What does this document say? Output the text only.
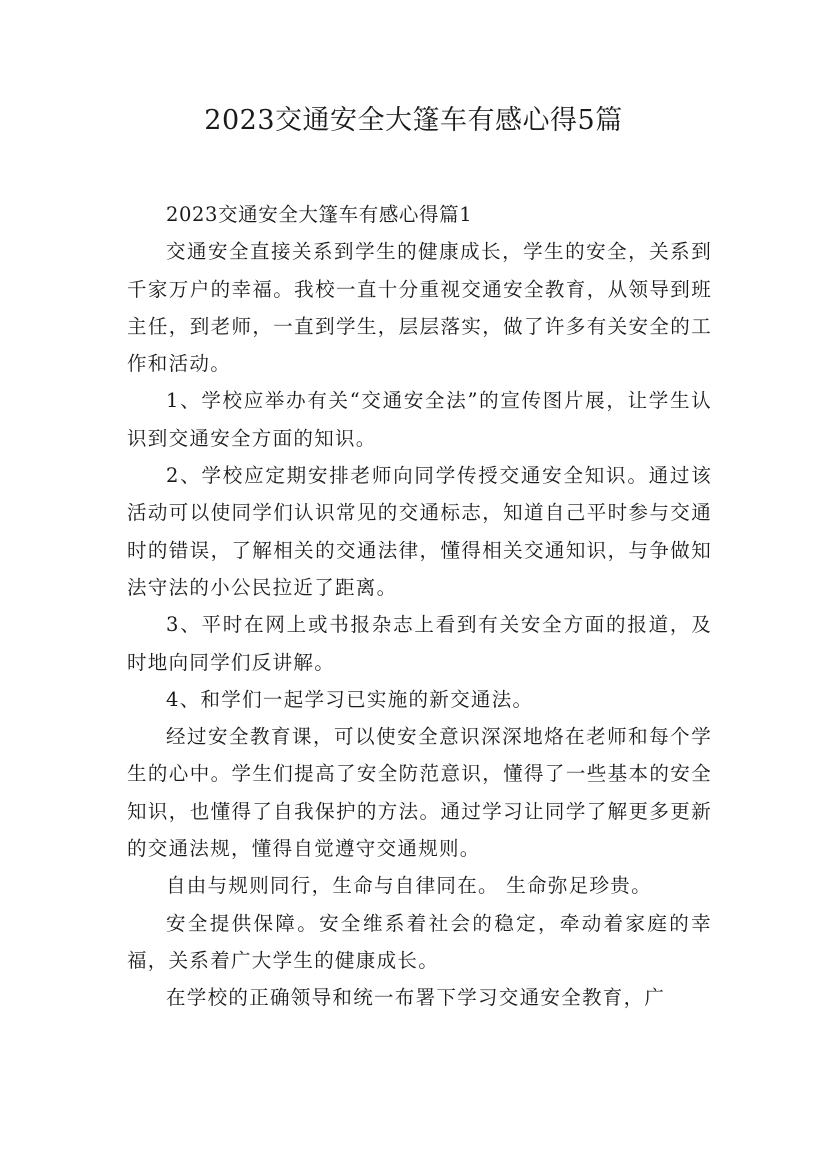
2023交通安全大篷车有感心得5篇

2023交通安全大篷车有感心得篇1

交通安全直接关系到学生的健康成长，学生的安全，关系到千家万户的幸福。我校一直十分重视交通安全教育，从领导到班主任，到老师，一直到学生，层层落实，做了许多有关安全的工作和活动。

1、学校应举办有关“交通安全法”的宣传图片展，让学生认识到交通安全方面的知识。

2、学校应定期安排老师向同学传授交通安全知识。通过该活动可以使同学们认识常见的交通标志，知道自己平时参与交通时的错误，了解相关的交通法律，懂得相关交通知识，与争做知法守法的小公民拉近了距离。

3、平时在网上或书报杂志上看到有关安全方面的报道，及时地向同学们反讲解。

4、和学们一起学习已实施的新交通法。

经过安全教育课，可以使安全意识深深地烙在老师和每个学生的心中。学生们提高了安全防范意识，懂得了一些基本的安全知识，也懂得了自我保护的方法。通过学习让同学了解更多更新的交通法规，懂得自觉遵守交通规则。

自由与规则同行，生命与自律同在。 生命弥足珍贵。

安全提供保障。安全维系着社会的稳定，牵动着家庭的幸福，关系着广大学生的健康成长。

在学校的正确领导和统一布署下学习交通安全教育，广
